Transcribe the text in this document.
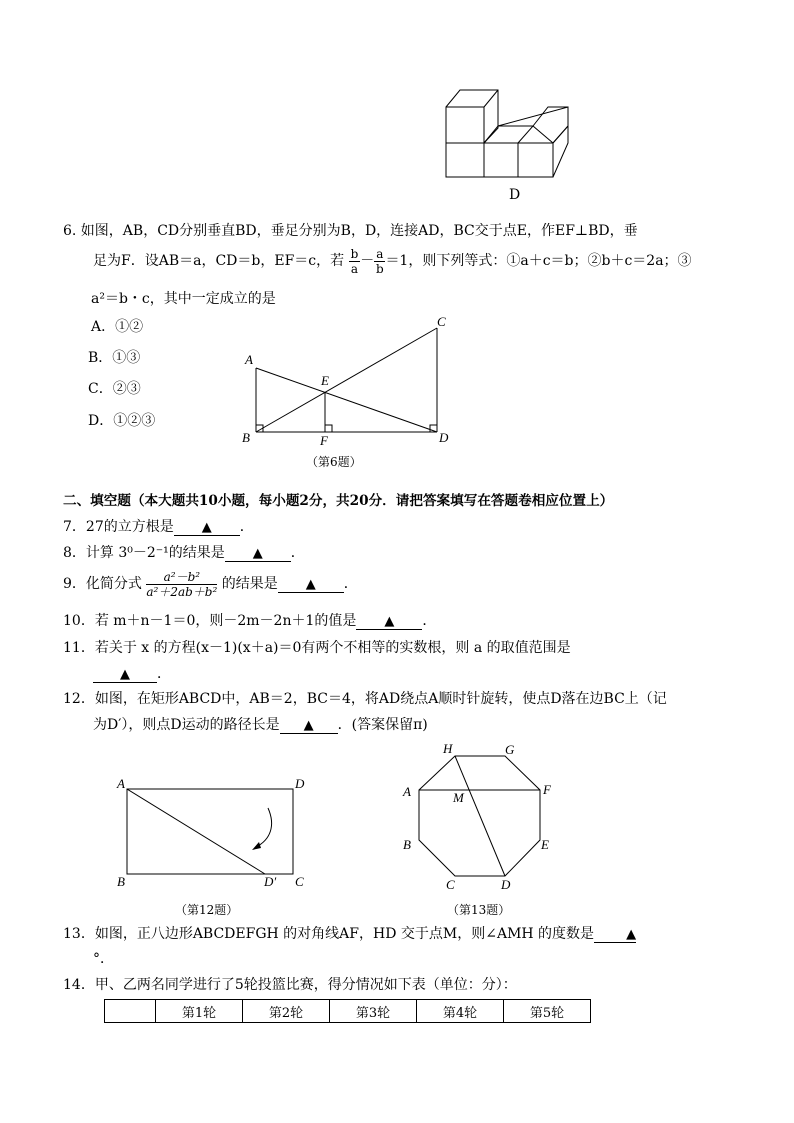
D
6. 如图，AB，CD分别垂直BD，垂足分别为B，D，连接AD，BC交于点E，作EF⊥BD，垂
足为F．设AB＝a，CD＝b，EF＝c，若 $\frac{b}{a} - \frac{a}{b} =1$，则下列等式：①a＋c＝b；②b＋c＝2a；③
a²＝b・c，其中一定成立的是
A．①②
B．①③
C．②③
D．①②③
A
B
C
D
E
F
（第6题）
二、填空题（本大题共10小题，每小题2分，共20分．请把答案填写在答题卷相应位置上）
7．27的立方根是 ▲ ．
8．计算 3⁰－2⁻¹的结果是 ▲ ．
9．化简分式 $\frac{\text{a²－b²}}{\text{a²＋2ab＋b²}}$ 的结果是 ▲ ．
10．若 m＋n－1＝0，则－2m－2n＋1的值是 ▲ ．
11．若关于 x 的方程(x－1)(x＋a)＝0有两个不相等的实数根，则 a 的取值范围是
▲ ．
12．如图，在矩形ABCD中，AB＝2，BC＝4，将AD绕点A顺时针旋转，使点D落在边BC上（记
为D′），则点D运动的路径长是 ▲ ．(答案保留π)
A	D
B	C
D′
（第12题）
H	G
F
E
D
C
B
A	M
（第13题）
13．如图，正八边形ABCDEFGH 的对角线AF，HD 交于点M，则∠AMH 的度数是 ▲
°．
14．甲、乙两名同学进行了5轮投篮比赛，得分情况如下表（单位：分）：
	第1轮	第2轮	第3轮	第4轮	第5轮
